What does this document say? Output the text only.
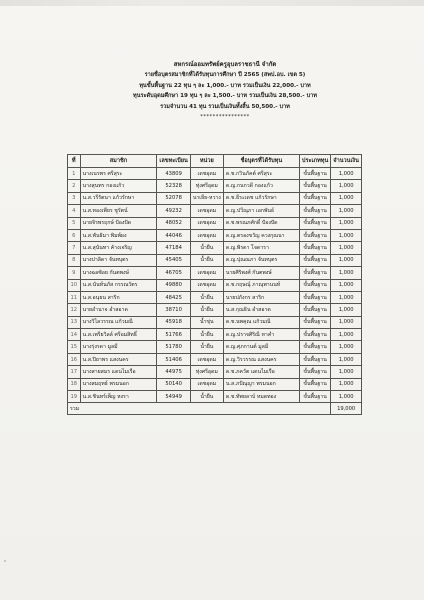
สหกรณ์ออมทรัพย์ครูอุบลราชธานี จำกัด
รายชื่อบุตรสมาชิกที่ได้รับทุนการศึกษา ปี 2565 (สพป.อบ. เขต 5)
ทุนขั้นพื้นฐาน 22 ทุน ๆ ละ 1,000.- บาท รวมเป็นเงิน 22,000.- บาท
ทุนระดับอุดมศึกษา 19 ทุน ๆ ละ 1,500.- บาท รวมเป็นเงิน 28,500.- บาท
รวมจำนวน 41 ทุน รวมเป็นเงินทั้งสิ้น 50,500.- บาท
****************
ที่	สมาชิก	เลขทะเบียน	หน่วย	ชื่อบุตรที่ได้รับทุน	ประเภททุน	จำนวนเงิน
1	นางเนรพร ศรีสุระ	43809	เดชอุดม	ด.ช.กวินภัคต์ ศรีสุระ	ขั้นพื้นฐาน	1,000
2	นางสุนทร กองแก้ว	52328	ทุ่งศรีอุดม	ด.ญ.กนกวดี กองแก้ว	ขั้นพื้นฐาน	1,000
3	น.ส.วรีรัตนา แก้วรักษา	52078	นาเยีย-หวาง	ด.ช.ธีระเดช แก้วรักษา	ขั้นพื้นฐาน	1,000
4	น.ส.ทองเพียร ชูรัตน์	49232	เดชอุดม	ด.ญ.ปวีณุภา เอกพันธ์	ขั้นพื้นฐาน	1,000
5	นายจิรพรฤกษ์ ป้องปัด	48052	เดชอุดม	ด.ช.พรณภศักดิ์ ป้องปัด	ขั้นพื้นฐาน	1,000
6	น.ส.พันธิมา พิมพ์ผง	44046	เดชอุดม	ด.ญ.ตรองขวัญ ควงกุณนา	ขั้นพื้นฐาน	1,000
7	น.ส.สุนันทา ค้างเจริญ	47184	น้ำยืน	ด.ญ.พิรดา โจดารา	ขั้นพื้นฐาน	1,000
8	นางปาลิดา จันทบุตร	45405	น้ำยืน	ด.ญ.ปุณณภา จันทบุตร	ขั้นพื้นฐาน	1,000
9	นางฉอซ้อย กันตพงษ์	46705	เดชอุดม	นายศิริพงศ์ กันตพงษ์	ขั้นพื้นฐาน	1,000
10	น.ส.นันท์นภัส กรรณวัตร	49880	เดชอุดม	ด.ช.กฤษณุ์ ภาณุพานนท์	ขั้นพื้นฐาน	1,000
11	น.ส.อนุธน สาริก	48425	น้ำยืน	นายปภังกร สาริก	ขั้นพื้นฐาน	1,000
12	นายอำนาจ อำสอาด	38710	น้ำยืน	น.ส.กุณธิน อำสอาด	ขั้นพื้นฐาน	1,000
13	นางวิไลวรรณ แก้วมณี	45918	น้ำขุ่น	ด.ช.นพคุณ แก้วมณี	ขั้นพื้นฐาน	1,000
14	น.ส.เพรียวิลล์ ศรีอมสิทธิ์	51766	น้ำยืน	ด.ญ.ปราจศิริณี หาคำ	ขั้นพื้นฐาน	1,000
15	นางรุ่งรดา มูลมี	51780	น้ำยืน	ด.ญ.ศุภกานต์ มูลมี	ขั้นพื้นฐาน	1,000
16	น.ส.ปิยาพร แสงนคร	51406	เดชอุดม	ด.ญ.วิรวรรณ แสงนคร	ขั้นพื้นฐาน	1,000
17	นางสายสมร แดนไมเรือ	44975	ทุ่งศรีอุดม	ด.ช.ภควัต แดนไมเรือ	ขั้นพื้นฐาน	1,000
18	นางสมฤทธ์ พรมนอก	50140	เดชอุดม	น.ส.ภปัณุญา พรมนอก	ขั้นพื้นฐาน	1,000
19	น.ส.ชินทร์เพ็ญ หงรา	54949	น้ำยืน	ด.ช.ทัพยลาบ์ หมดทอง	ขั้นพื้นฐาน	1,000
รวม						19,000
